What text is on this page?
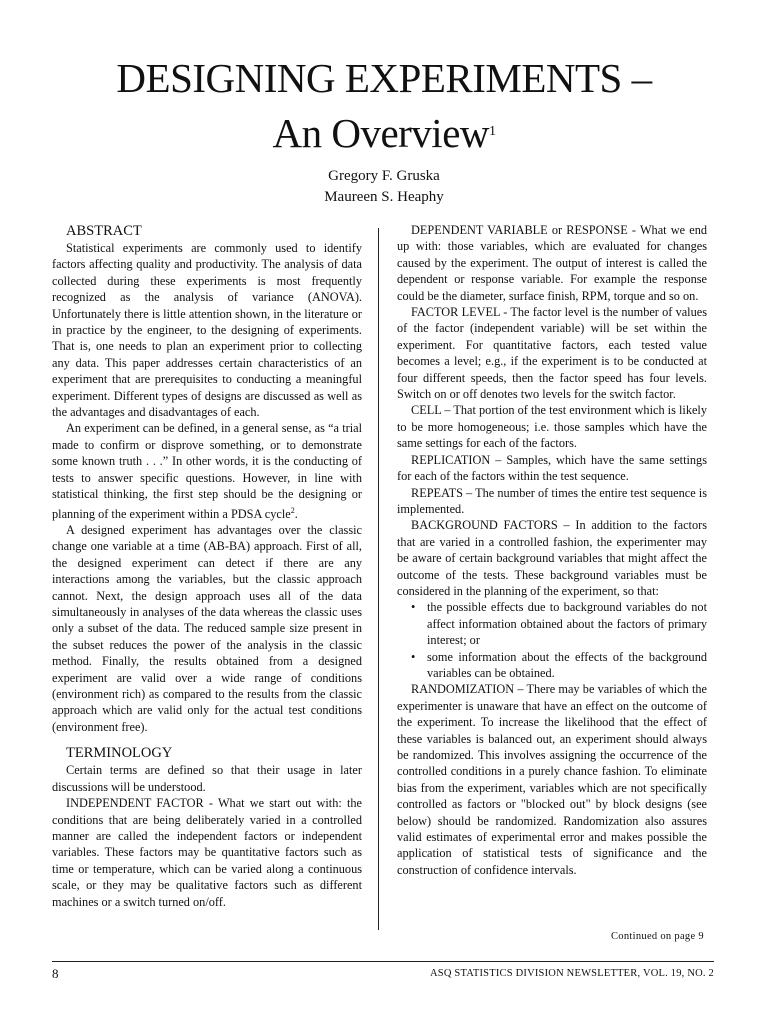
DESIGNING EXPERIMENTS –
An Overview$^1$
Gregory F. Gruska
Maureen S. Heaphy

ABSTRACT

Statistical experiments are commonly used to identify factors affecting quality and productivity. The analysis of data collected during these experiments is most frequently recognized as the analysis of variance (ANOVA). Unfortunately there is little attention shown, in the literature or in practice by the engineer, to the designing of experiments. That is, one needs to plan an experiment prior to collecting any data. This paper addresses certain characteristics of an experiment that are prerequisites to conducting a meaningful experiment. Different types of designs are discussed as well as the advantages and disadvantages of each.

An experiment can be defined, in a general sense, as “a trial made to confirm or disprove something, or to demonstrate some known truth . . .” In other words, it is the conducting of tests to answer specific questions. However, in line with statistical thinking, the first step should be the designing or planning of the experiment within a PDSA cycle$^2$.

A designed experiment has advantages over the classic change one variable at a time (AB-BA) approach. First of all, the designed experiment can detect if there are any interactions among the variables, but the classic approach cannot. Next, the design approach uses all of the data simultaneously in analyses of the data whereas the classic uses only a subset of the data. The reduced sample size present in the subset reduces the power of the analysis in the classic method. Finally, the results obtained from a designed experiment are valid over a wide range of conditions (environment rich) as compared to the results from the classic approach which are valid only for the actual test conditions (environment free).

TERMINOLOGY

Certain terms are defined so that their usage in later discussions will be understood.

INDEPENDENT FACTOR - What we start out with: the conditions that are being deliberately varied in a controlled manner are called the independent factors or independent variables. These factors may be quantitative factors such as time or temperature, which can be varied along a continuous scale, or they may be qualitative factors such as different machines or a switch turned on/off.

DEPENDENT VARIABLE or RESPONSE - What we end up with: those variables, which are evaluated for changes caused by the experiment. The output of interest is called the dependent or response variable. For example the response could be the diameter, surface finish, RPM, torque and so on.

FACTOR LEVEL - The factor level is the number of values of the factor (independent variable) will be set within the experiment. For quantitative factors, each tested value becomes a level; e.g., if the experiment is to be conducted at four different speeds, then the factor speed has four levels. Switch on or off denotes two levels for the switch factor.

CELL – That portion of the test environment which is likely to be more homogeneous; i.e. those samples which have the same settings for each of the factors.

REPLICATION – Samples, which have the same settings for each of the factors within the test sequence.

REPEATS – The number of times the entire test sequence is implemented.

BACKGROUND FACTORS – In addition to the factors that are varied in a controlled fashion, the experimenter may be aware of certain background variables that might affect the outcome of the tests. These background variables must be considered in the planning of the experiment, so that:

• the possible effects due to background variables do not affect information obtained about the factors of primary interest; or
• some information about the effects of the background variables can be obtained.

RANDOMIZATION – There may be variables of which the experimenter is unaware that have an effect on the outcome of the experiment. To increase the likelihood that the effect of these variables is balanced out, an experiment should always be randomized. This involves assigning the occurrence of the controlled conditions in a purely chance fashion. To eliminate bias from the experiment, variables which are not specifically controlled as factors or "blocked out" by block designs (see below) should be randomized. Randomization also assures valid estimates of experimental error and makes possible the application of statistical tests of significance and the construction of confidence intervals.

Continued on page 9
8	ASQ STATISTICS DIVISION NEWSLETTER, VOL. 19, NO. 2
